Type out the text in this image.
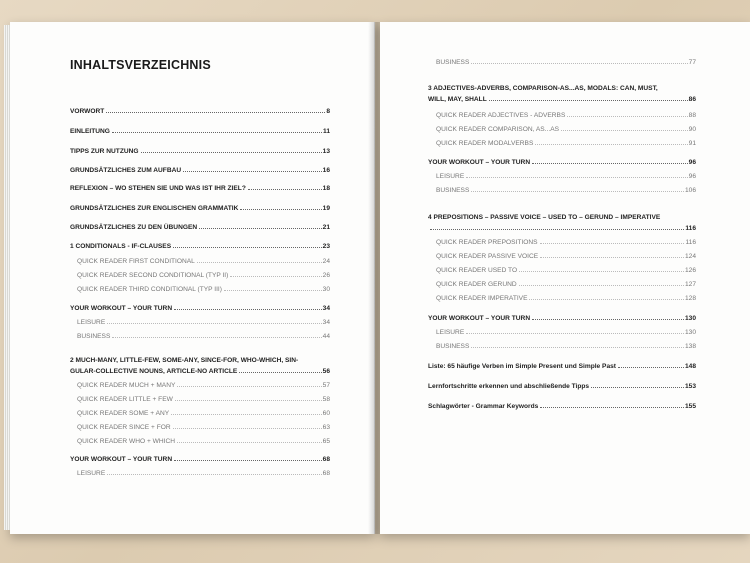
INHALTSVERZEICHNIS
VORWORT	8
EINLEITUNG	11
TIPPS ZUR NUTZUNG	13
GRUNDSÄTZLICHES ZUM AUFBAU	16
REFLEXION – WO STEHEN SIE UND WAS IST IHR ZIEL?	18
GRUNDSÄTZLICHES ZUR ENGLISCHEN GRAMMATIK	19
GRUNDSÄTZLICHES ZU DEN ÜBUNGEN	21
1 CONDITIONALS - IF-CLAUSES	23
QUICK READER FIRST CONDITIONAL	24
QUICK READER SECOND CONDITIONAL (TYP II)	26
QUICK READER THIRD CONDITIONAL (TYP III)	30
YOUR WORKOUT – YOUR TURN	34
LEISURE	34
BUSINESS	44
2 MUCH-MANY, LITTLE-FEW, SOME-ANY, SINCE-FOR, WHO-WHICH, SIN-
GULAR-COLLECTIVE NOUNS, ARTICLE-NO ARTICLE	56
QUICK READER MUCH + MANY	57
QUICK READER LITTLE + FEW	58
QUICK READER SOME + ANY	60
QUICK READER SINCE + FOR	63
QUICK READER WHO + WHICH	65
YOUR WORKOUT – YOUR TURN	68
LEISURE	68
BUSINESS	77
3 ADJECTIVES-ADVERBS, COMPARISON-AS...AS, MODALS: CAN, MUST,
WILL, MAY, SHALL	86
QUICK READER ADJECTIVES - ADVERBS	88
QUICK READER COMPARISON, AS...AS	90
QUICK READER MODALVERBS	91
YOUR WORKOUT – YOUR TURN	96
LEISURE	96
BUSINESS	106
4 PREPOSITIONS – PASSIVE VOICE – USED TO – GERUND – IMPERATIVE
116
QUICK READER PREPOSITIONS	116
QUICK READER PASSIVE VOICE	124
QUICK READER USED TO	126
QUICK READER GERUND	127
QUICK READER IMPERATIVE	128
YOUR WORKOUT – YOUR TURN	130
LEISURE	130
BUSINESS	138
Liste: 65 häufige Verben im Simple Present und Simple Past	148
Lernfortschritte erkennen und abschließende Tipps	153
Schlagwörter - Grammar Keywords	155
